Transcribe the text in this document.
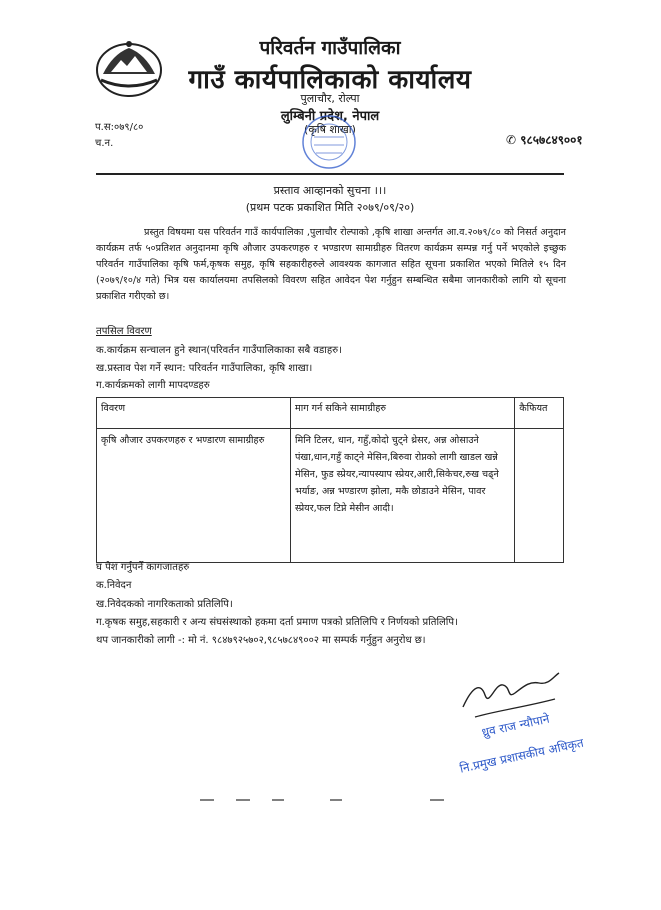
परिवर्तन गाउँपालिका
गाउँ कार्यपालिकाको कार्यालय
पुलाचौर, रोल्पा
लुम्बिनी प्रदेश, नेपाल
(कृषि शाखा)
प.स:०७९/८०
च.न.	✆ ९८५७८४९००१
प्रस्ताव आव्हानको सुचना ।।।
(प्रथम पटक प्रकाशित मिति २०७९/०९/२०)
प्रस्तुत विषयमा यस परिवर्तन गाउँ कार्यपालिका ,पुलाचौर रोल्पाको ,कृषि शाखा अन्तर्गत आ.व.२०७९/८० को निसर्त अनुदान कार्यक्रम तर्फ ५०प्रतिशत अनुदानमा कृषि औजार उपकरणहरु र भण्डारण सामाग्रीहरु वितरण कार्यक्रम सम्पन्न गर्नु पर्ने भएकोले इच्छुक परिवर्तन गाउँपालिका कृषि फर्म,कृषक समुह, कृषि सहकारीहरुले आवश्यक कागजात सहित सूचना प्रकाशित भएको मितिले १५ दिन (२०७९/१०/४ गते) भित्र यस कार्यालयमा तपसिलको विवरण सहित आवेदन पेश गर्नुहुन सम्बन्धित सबैमा जानकारीको लागि यो सूचना प्रकाशित गरीएको छ।
तपसिल विवरण
क.कार्यक्रम सन्चालन हुने स्थान(परिवर्तन गाउँपालिकाका सबै वडाहरु।
ख.प्रस्ताव पेश गर्ने स्थान: परिवर्तन गाउँपालिका, कृषि शाखा।
ग.कार्यक्रमको लागी मापदण्डहरु
विवरण	माग गर्न सकिने सामाग्रीहरु	कैफियत
कृषि औजार उपकरणहरु र भण्डारण सामाग्रीहरु	मिनि टिलर, धान, गहुँ,कोदो चुट्ने थ्रेसर, अन्न ओसाउने पंखा,धान,गहुँ काट्ने मेसिन,बिरुवा रोप्नको लागी खाडल खन्ने मेसिन, फुड स्प्रेयर,न्यापस्याप स्प्रेयर,आरी,सिकेचर,रुख चढ्ने भर्याङ, अन्न भण्डारण झोला, मकै छोडाउने मेसिन, पावर स्प्रेयर,फल टिप्ने मेसीन आदी।	
घ पेश गर्नुपर्ने कागजातहरु
क.निवेदन
ख.निवेदकको नागरिकताको प्रतिलिपि।
ग.कृषक समुह,सहकारी र अन्य संघसंस्थाको हकमा दर्ता प्रमाण पत्रको प्रतिलिपि र निर्णयको प्रतिलिपि।
थप जानकारीको लागी -: मो नं. ९८४७९२५७०२,९८५७८४९००२ मा सम्पर्क गर्नुहुन अनुरोध छ।
ध्रुव राज न्यौपाने
नि.प्रमुख प्रशासकीय अधिकृत
